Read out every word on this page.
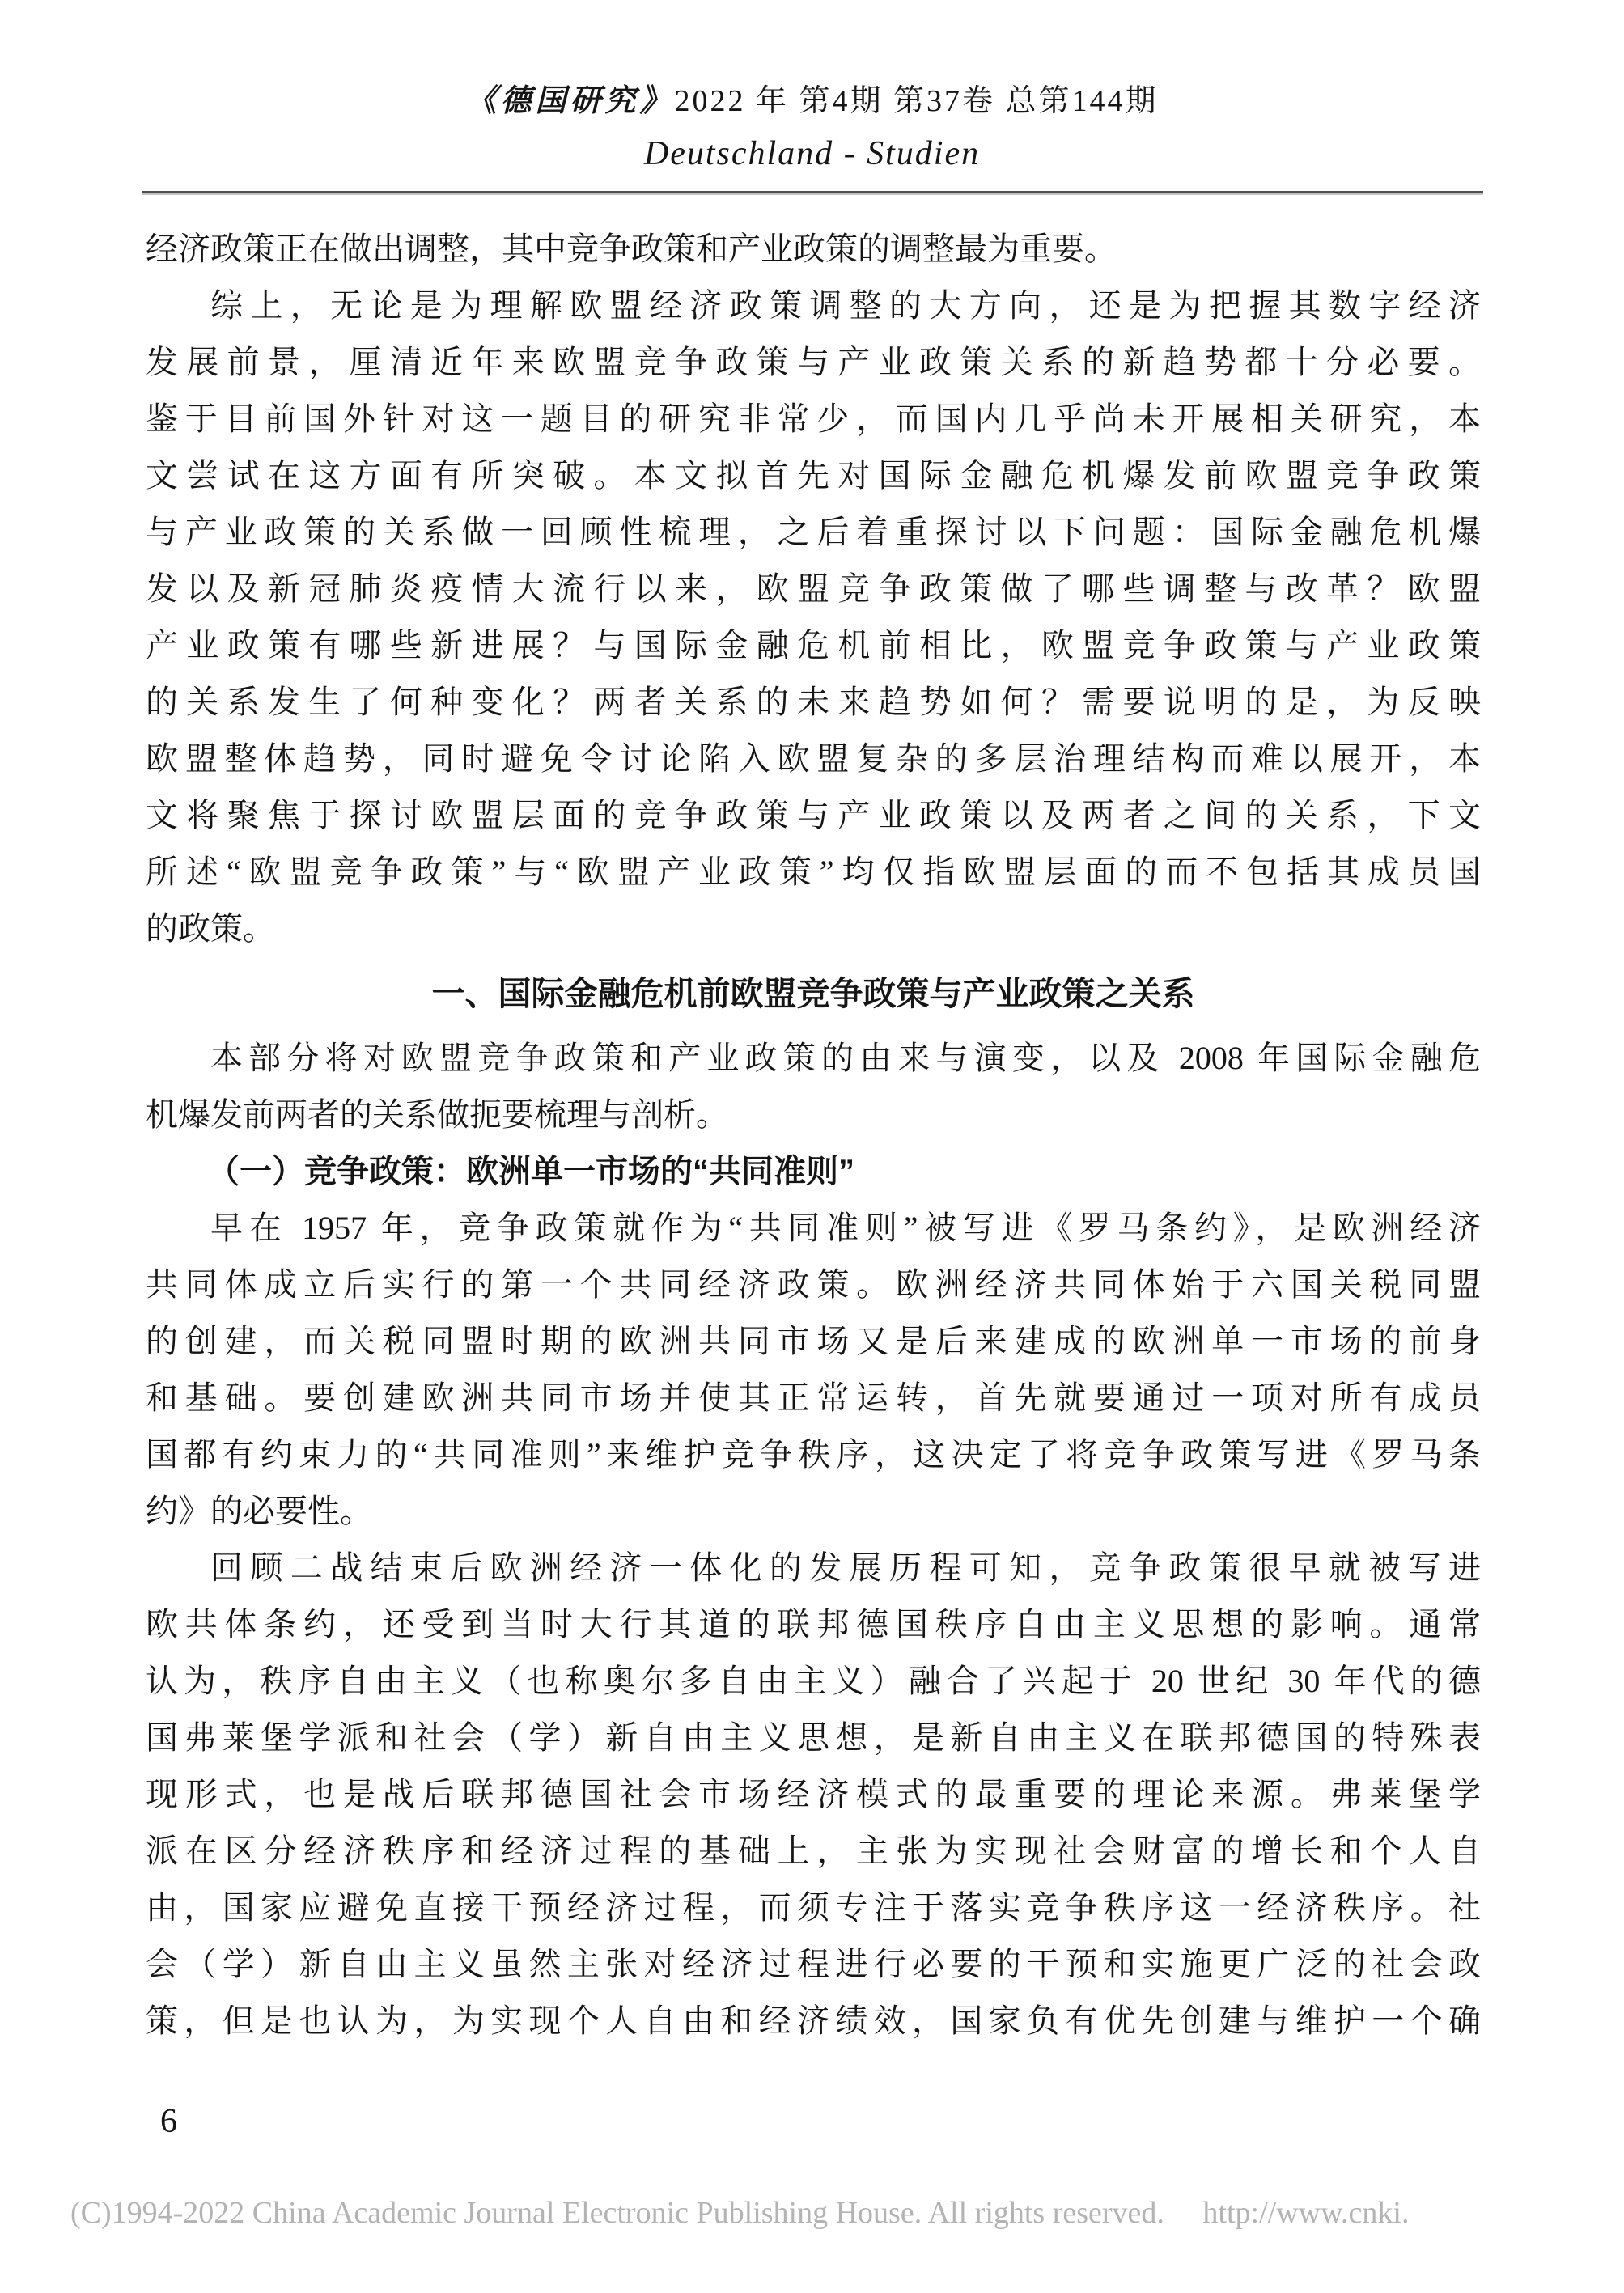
《德国研究》2022 年 第4期 第37卷 总第144期
Deutschland - Studien
经济政策正在做出调整，其中竞争政策和产业政策的调整最为重要。
综上，无论是为理解欧盟经济政策调整的大方向，还是为把握其数字经济
发展前景，厘清近年来欧盟竞争政策与产业政策关系的新趋势都十分必要。
鉴于目前国外针对这一题目的研究非常少，而国内几乎尚未开展相关研究，本
文尝试在这方面有所突破。本文拟首先对国际金融危机爆发前欧盟竞争政策
与产业政策的关系做一回顾性梳理，之后着重探讨以下问题：国际金融危机爆
发以及新冠肺炎疫情大流行以来，欧盟竞争政策做了哪些调整与改革？欧盟
产业政策有哪些新进展？与国际金融危机前相比，欧盟竞争政策与产业政策
的关系发生了何种变化？两者关系的未来趋势如何？需要说明的是，为反映
欧盟整体趋势，同时避免令讨论陷入欧盟复杂的多层治理结构而难以展开，本
文将聚焦于探讨欧盟层面的竞争政策与产业政策以及两者之间的关系，下文
所述“欧盟竞争政策”与“欧盟产业政策”均仅指欧盟层面的而不包括其成员国
的政策。
一、国际金融危机前欧盟竞争政策与产业政策之关系
本部分将对欧盟竞争政策和产业政策的由来与演变，以及 2008 年国际金融危
机爆发前两者的关系做扼要梳理与剖析。
（一）竞争政策：欧洲单一市场的“共同准则”
早在 1957 年，竞争政策就作为“共同准则”被写进《罗马条约》，是欧洲经济
共同体成立后实行的第一个共同经济政策。欧洲经济共同体始于六国关税同盟
的创建，而关税同盟时期的欧洲共同市场又是后来建成的欧洲单一市场的前身
和基础。要创建欧洲共同市场并使其正常运转，首先就要通过一项对所有成员
国都有约束力的“共同准则”来维护竞争秩序，这决定了将竞争政策写进《罗马条
约》的必要性。
回顾二战结束后欧洲经济一体化的发展历程可知，竞争政策很早就被写进
欧共体条约，还受到当时大行其道的联邦德国秩序自由主义思想的影响。通常
认为，秩序自由主义（也称奥尔多自由主义）融合了兴起于 20 世纪 30 年代的德
国弗莱堡学派和社会（学）新自由主义思想，是新自由主义在联邦德国的特殊表
现形式，也是战后联邦德国社会市场经济模式的最重要的理论来源。弗莱堡学
派在区分经济秩序和经济过程的基础上，主张为实现社会财富的增长和个人自
由，国家应避免直接干预经济过程，而须专注于落实竞争秩序这一经济秩序。社
会（学）新自由主义虽然主张对经济过程进行必要的干预和实施更广泛的社会政
策，但是也认为，为实现个人自由和经济绩效，国家负有优先创建与维护一个确
6
(C)1994-2022 China Academic Journal Electronic Publishing House. All rights reserved.     http://www.cnki.
